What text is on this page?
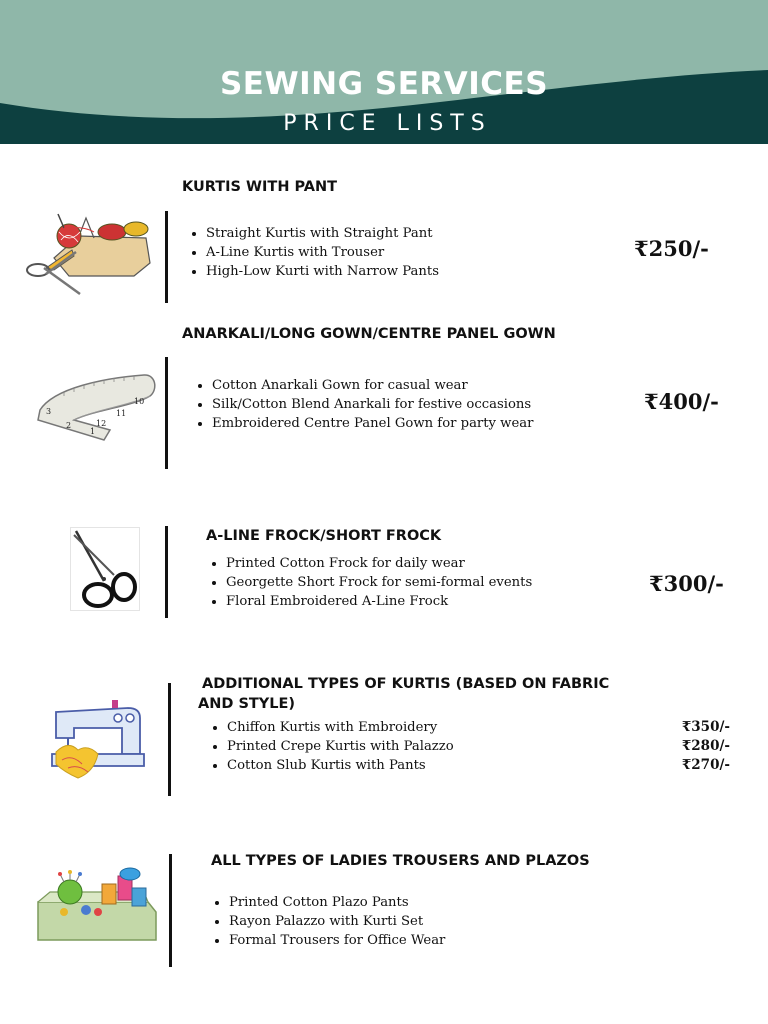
SEWING SERVICES
PRICE LISTS
KURTIS WITH PANT
• Straight Kurtis with Straight Pant
• A-Line Kurtis with Trouser
• High-Low Kurti with Narrow Pants
₹250/-
ANARKALI/LONG GOWN/CENTRE PANEL GOWN
3
2
1
12
11
10
• Cotton Anarkali Gown for casual wear
• Silk/Cotton Blend Anarkali for festive occasions
• Embroidered Centre Panel Gown for party wear
₹400/-
A-LINE FROCK/SHORT FROCK
• Printed Cotton Frock for daily wear
• Georgette Short Frock for semi-formal events
• Floral Embroidered A-Line Frock
₹300/-
ADDITIONAL TYPES OF KURTIS (BASED ON FABRIC
AND STYLE)
• Chiffon Kurtis with Embroidery
• Printed Crepe Kurtis with Palazzo
• Cotton Slub Kurtis with Pants
₹350/-
₹280/-
₹270/-
ALL TYPES OF LADIES TROUSERS AND PLAZOS
• Printed Cotton Plazo Pants
• Rayon Palazzo with Kurti Set
• Formal Trousers for Office Wear
